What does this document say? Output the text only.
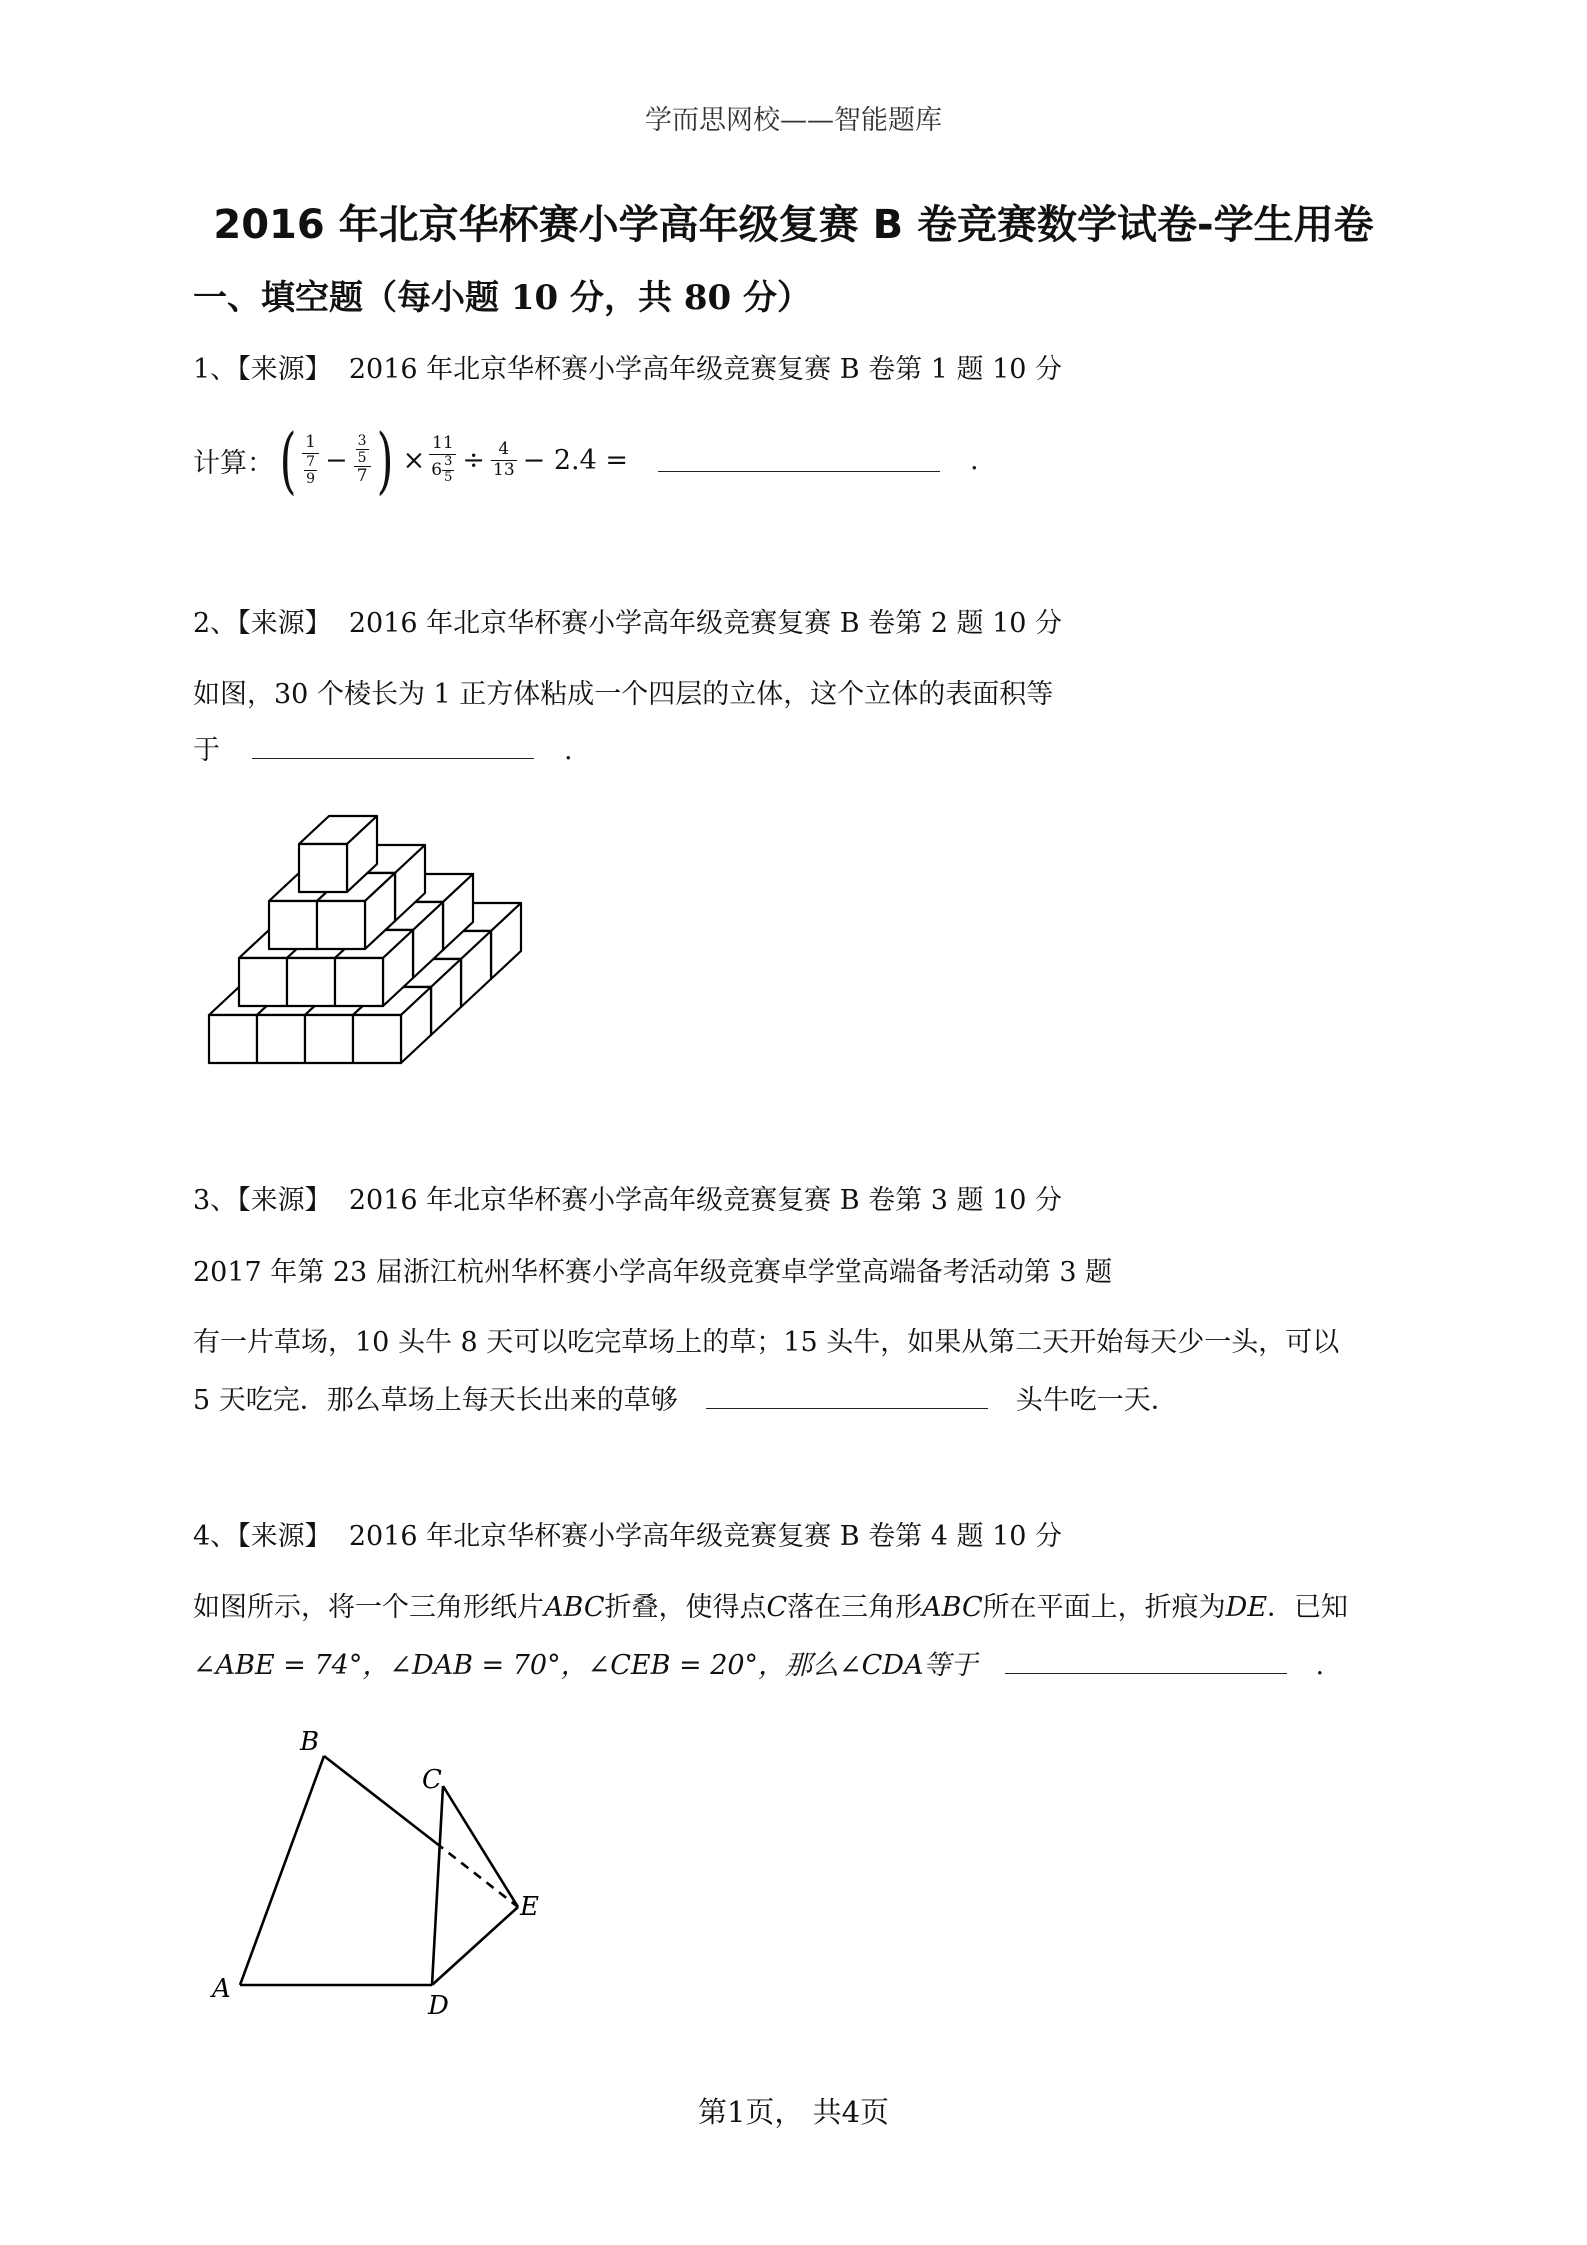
学而思网校——智能题库
2016 年北京华杯赛小学高年级复赛 B 卷竞赛数学试卷-学生用卷
一、填空题（每小题 10 分，共 80 分）
1、【来源】 2016 年北京华杯赛小学高年级竞赛复赛 B 卷第 1 题 10 分
计算： ( $\frac{1}{\frac{7}{9}} - \frac{\frac{3}{5}}{7}$ ) × $\frac{11}{6 \frac{3}{5}} \div \frac{4}{13} - 2.4$ =	.
2、【来源】 2016 年北京华杯赛小学高年级竞赛复赛 B 卷第 2 题 10 分
如图，30 个棱长为 1 正方体粘成一个四层的立体，这个立体的表面积等
于	.
3、【来源】 2016 年北京华杯赛小学高年级竞赛复赛 B 卷第 3 题 10 分
2017 年第 23 届浙江杭州华杯赛小学高年级竞赛卓学堂高端备考活动第 3 题
有一片草场，10 头牛 8 天可以吃完草场上的草；15 头牛，如果从第二天开始每天少一头，可以
5 天吃完．那么草场上每天长出来的草够	头牛吃一天．
4、【来源】 2016 年北京华杯赛小学高年级竞赛复赛 B 卷第 4 题 10 分
如图所示，将一个三角形纸片ABC折叠，使得点C落在三角形ABC所在平面上，折痕为DE．已知
∠ABE = 74°，∠DAB = 70°，∠CEB = 20°，那么∠CDA等于	.
B
C
E
A
D
第1页， 共4页
